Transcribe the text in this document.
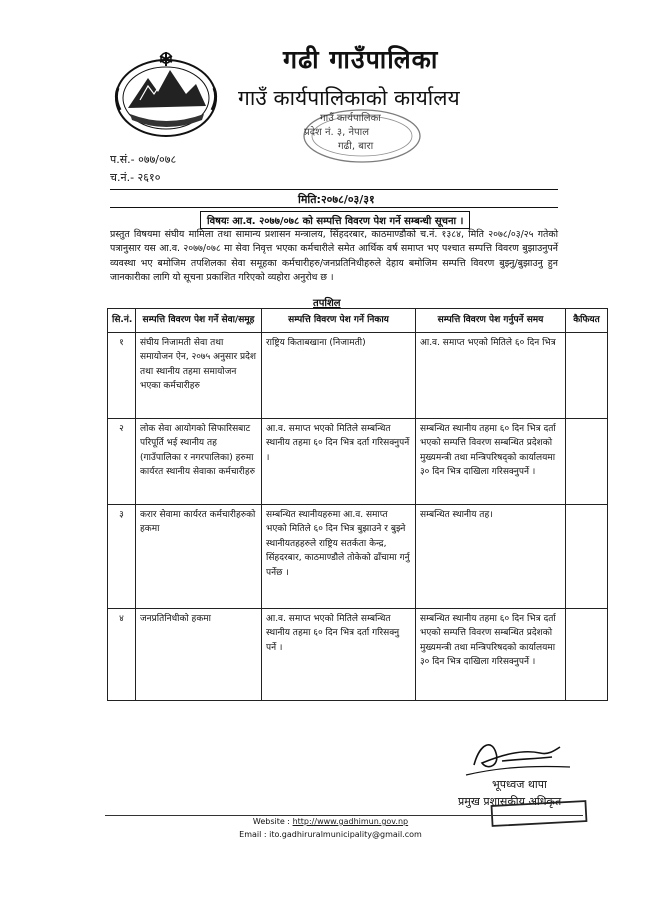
गढी गाउँपालिका
गाउँ कार्यपालिकाको कार्यालय
गाउँ कार्यपालिका
प्रदेश नं. ३, नेपाल
गढी, बारा
प.सं.- ०७७/०७८
च.नं.- २६१०
मिति:२०७८/०३/३१
विषयः आ.व. २०७७/०७८ को सम्पत्ति विवरण पेश गर्ने सम्बन्धी सूचना ।
प्रस्तुत विषयमा संघीय मामिला तथा सामान्य प्रशासन मन्त्रालय, सिंहदरबार, काठमाण्डौको च.नं. १३८४, मिति २०७८/०३/२५ गतेको पत्रानुसार यस आ.व. २०७७/०७८ मा सेवा निवृत्त भएका कर्मचारीले समेत आर्थिक वर्ष समाप्त भए पश्चात सम्पत्ति विवरण बुझाउनुपर्ने व्यवस्था भए बमोजिम तपशिलका सेवा समूहका कर्मचारीहरु/जनप्रतिनिधीहरुले देहाय बमोजिम सम्पत्ति विवरण बुझ्नु/बुझाउनु हुन जानकारीका लागि यो सूचना प्रकाशित गरिएको व्यहोरा अनुरोध छ ।
तपशिल
सि.नं.	सम्पत्ति विवरण पेश गर्ने सेवा/समूह	सम्पत्ति विवरण पेश गर्ने निकाय	सम्पत्ति विवरण पेश गर्नुपर्ने समय	कैफियत
१	संघीय निजामती सेवा तथा समायोजन ऐन, २०७५ अनुसार प्रदेश तथा स्थानीय तहमा समायोजन भएका कर्मचारीहरु	राष्ट्रिय किताबखाना (निजामती)	आ.व. समाप्त भएको मितिले ६० दिन भित्र	
२	लोक सेवा आयोगको सिफारिसबाट परिपूर्ति भई स्थानीय तह (गाउँपालिका र नगरपालिका) हरुमा कार्यरत स्थानीय सेवाका कर्मचारीहरु	आ.व. समाप्त भएको मितिले सम्बन्धित स्थानीय तहमा ६० दिन भित्र दर्ता गरिसक्नुपर्ने ।	सम्बन्धित स्थानीय तहमा ६० दिन भित्र दर्ता भएको सम्पत्ति विवरण सम्बन्धित प्रदेशको मुख्यमन्त्री तथा मन्त्रिपरिषद्को कार्यालयमा ३० दिन भित्र दाखिला गरिसक्नुपर्ने ।	
३	करार सेवामा कार्यरत कर्मचारीहरुको हकमा	सम्बन्धित स्थानीयहरुमा आ.व. समाप्त भएको मितिले ६० दिन भित्र बुझाउने र बुझ्ने स्थानीयतहहरुले राष्ट्रिय सतर्कता केन्द्र, सिंहदरबार, काठमाण्डौले तोकेको ढाँचामा गर्नु पर्नेछ ।	सम्बन्धित स्थानीय तह।	
४	जनप्रतिनिधीको हकमा	आ.व. समाप्त भएको मितिले सम्बन्धित स्थानीय तहमा ६० दिन भित्र दर्ता गरिसक्नु पर्ने ।	सम्बन्धित स्थानीय तहमा ६० दिन भित्र दर्ता भएको सम्पत्ति विवरण सम्बन्धित प्रदेशको मुख्यमन्त्री तथा मन्त्रिपरिषदको कार्यालयमा ३० दिन भित्र दाखिला गरिसक्नुपर्ने ।	
भूपध्वज थापा
प्रमुख प्रशासकीय अधिकृत
Website : http://www.gadhimun.gov.np
Email : ito.gadhiruralmunicipality@gmail.com
